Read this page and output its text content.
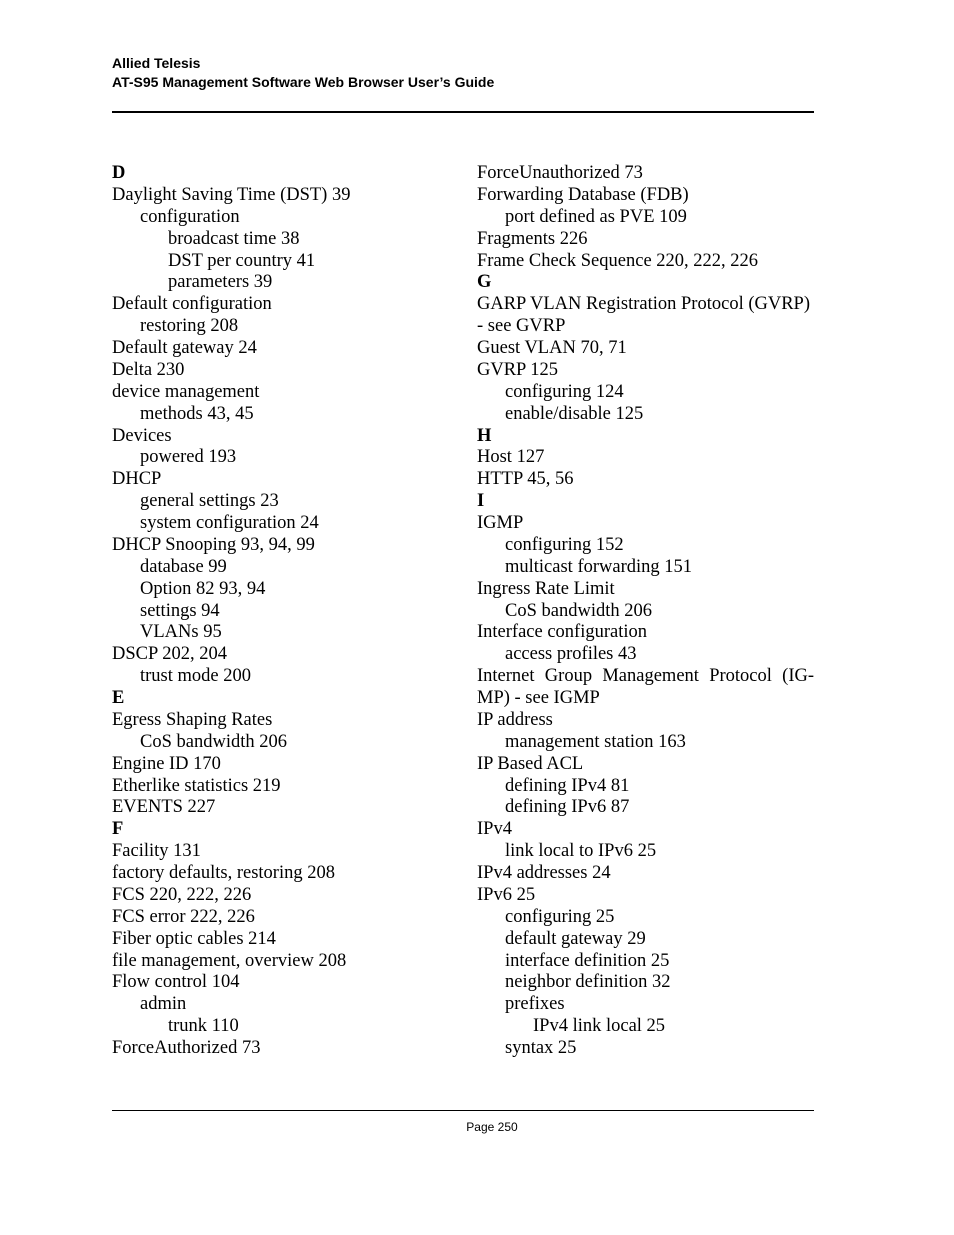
Allied Telesis
AT-S95 Management Software Web Browser User’s Guide
D
Daylight Saving Time (DST) 39
configuration
broadcast time 38
DST per country 41
parameters 39
Default configuration
restoring 208
Default gateway 24
Delta 230
device management
methods 43, 45
Devices
powered 193
DHCP
general settings 23
system configuration 24
DHCP Snooping 93, 94, 99
database 99
Option 82 93, 94
settings 94
VLANs 95
DSCP 202, 204
trust mode 200
E
Egress Shaping Rates
CoS bandwidth 206
Engine ID 170
Etherlike statistics 219
EVENTS 227
F
Facility 131
factory defaults, restoring 208
FCS 220, 222, 226
FCS error 222, 226
Fiber optic cables 214
file management, overview 208
Flow control 104
admin
trunk 110
ForceAuthorized 73
ForceUnauthorized 73
Forwarding Database (FDB)
port defined as PVE 109
Fragments 226
Frame Check Sequence 220, 222, 226
G
GARP VLAN Registration Protocol (GVRP)
- see GVRP
Guest VLAN 70, 71
GVRP 125
configuring 124
enable/disable 125
H
Host 127
HTTP 45, 56
I
IGMP
configuring 152
multicast forwarding 151
Ingress Rate Limit
CoS bandwidth 206
Interface configuration
access profiles 43
Internet Group Management Protocol (IG-
MP) - see IGMP
IP address
management station 163
IP Based ACL
defining IPv4 81
defining IPv6 87
IPv4
link local to IPv6 25
IPv4 addresses 24
IPv6 25
configuring 25
default gateway 29
interface definition 25
neighbor definition 32
prefixes
IPv4 link local 25
syntax 25
Page 250
